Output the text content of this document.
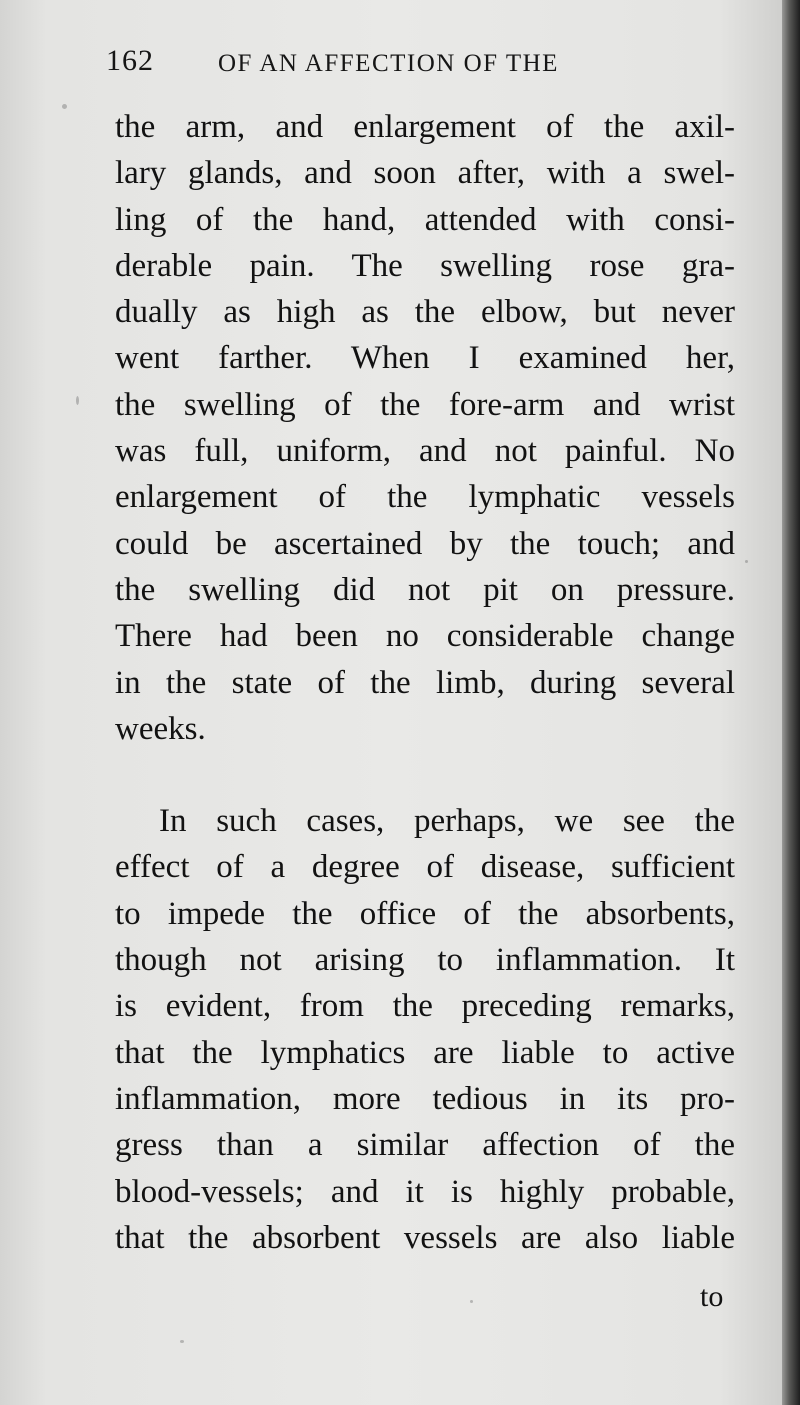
162	OF AN AFFECTION OF THE
the arm, and enlargement of the axil-
lary glands, and soon after, with a swel-
ling of the hand, attended with consi-
derable pain. The swelling rose gra-
dually as high as the elbow, but never
went farther. When I examined her,
the swelling of the fore-arm and wrist
was full, uniform, and not painful. No
enlargement of the lymphatic vessels
could be ascertained by the touch; and
the swelling did not pit on pressure.
There had been no considerable change
in the state of the limb, during several
weeks.
In such cases, perhaps, we see the
effect of a degree of disease, sufficient
to impede the office of the absorbents,
though not arising to inflammation. It
is evident, from the preceding remarks,
that the lymphatics are liable to active
inflammation, more tedious in its pro-
gress than a similar affection of the
blood-vessels; and it is highly probable,
that the absorbent vessels are also liable
to
